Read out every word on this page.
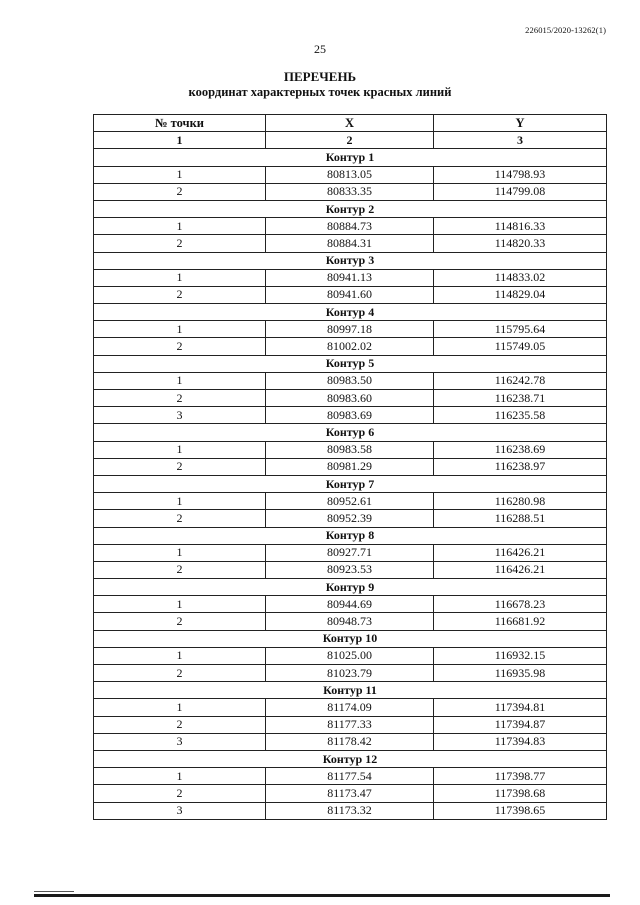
226015/2020-13262(1)
25
ПЕРЕЧЕНЬ
координат характерных точек красных линий
№ точки	X	Y
1	2	3
Контур 1		
1	80813.05	114798.93
2	80833.35	114799.08
Контур 2		
1	80884.73	114816.33
2	80884.31	114820.33
Контур 3		
1	80941.13	114833.02
2	80941.60	114829.04
Контур 4		
1	80997.18	115795.64
2	81002.02	115749.05
Контур 5		
1	80983.50	116242.78
2	80983.60	116238.71
3	80983.69	116235.58
Контур 6		
1	80983.58	116238.69
2	80981.29	116238.97
Контур 7		
1	80952.61	116280.98
2	80952.39	116288.51
Контур 8		
1	80927.71	116426.21
2	80923.53	116426.21
Контур 9		
1	80944.69	116678.23
2	80948.73	116681.92
Контур 10		
1	81025.00	116932.15
2	81023.79	116935.98
Контур 11		
1	81174.09	117394.81
2	81177.33	117394.87
3	81178.42	117394.83
Контур 12		
1	81177.54	117398.77
2	81173.47	117398.68
3	81173.32	117398.65
